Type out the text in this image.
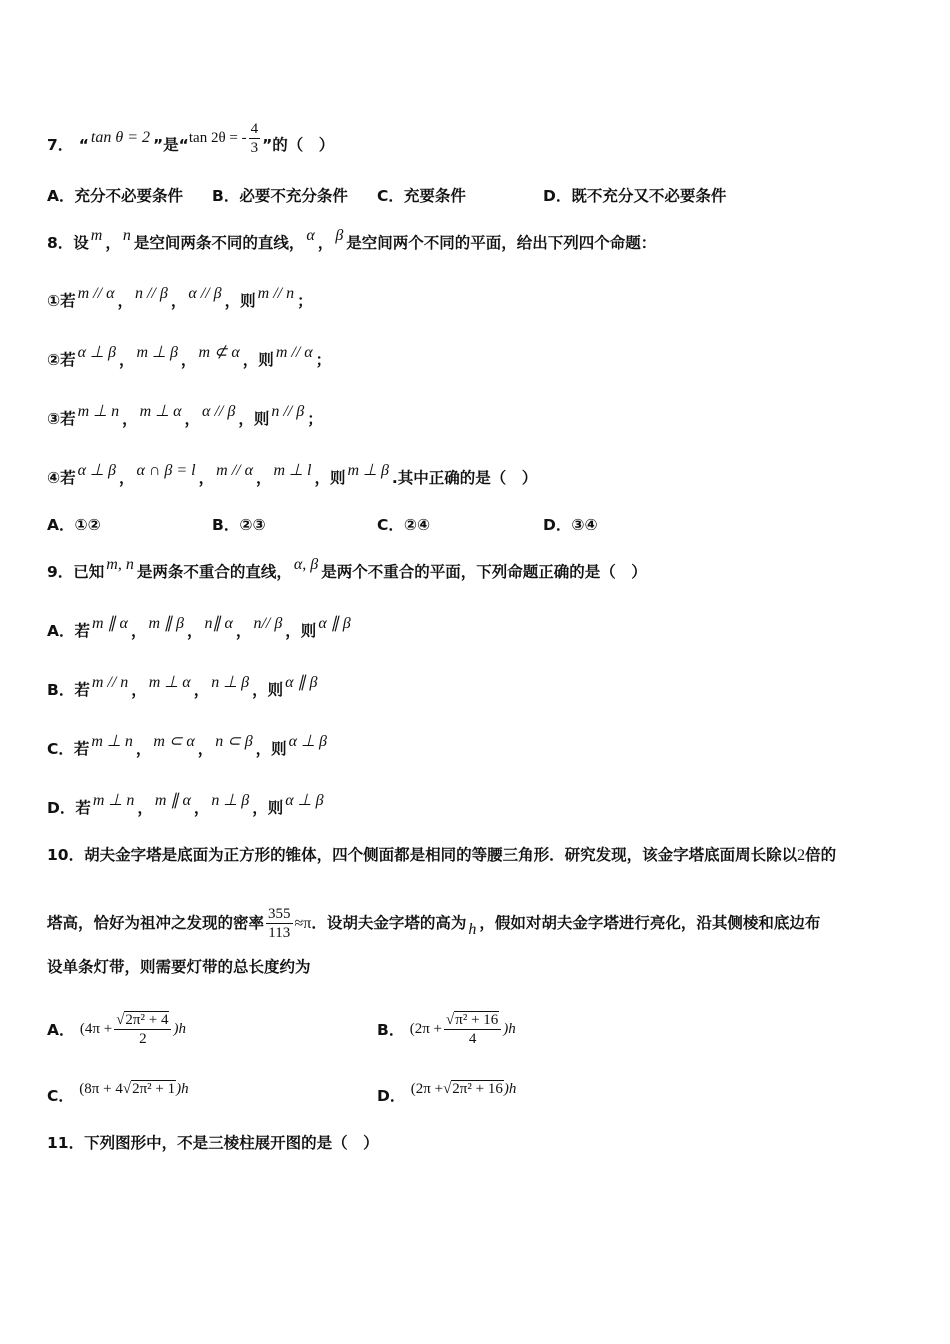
7． “ tan θ = 2 ”是“tan 2θ = - $\frac{4}{3}$ ”的（　）
A．充分不必要条件 B．必要不充分条件 C．充要条件	D．既不充分又不必要条件
8．设 m ， n 是空间两条不同的直线， α ， β 是空间两个不同的平面，给出下列四个命题：
①若 m // α ， n // β ， α // β ，则 m // n ；
②若 α ⊥ β ， m ⊥ β ， m ⊄ α ，则 m // α ；
③若 m ⊥ n ， m ⊥ α ， α // β ，则 n // β ；
④若 α ⊥ β ， α ∩ β = l ， m // α ， m ⊥ l ，则 m ⊥ β .其中正确的是（　）
A．①②	B．②③	C．②④	D．③④
9．已知 m, n 是两条不重合的直线， α, β 是两个不重合的平面，下列命题正确的是（　）
A．若 m ∥ α ， m ∥ β ， n∥ α ， n// β ，则 α ∥ β
B．若 m // n ， m ⊥ α ， n ⊥ β ，则 α ∥ β
C．若 m ⊥ n ， m ⊂ α ， n ⊂ β ，则 α ⊥ β
D．若 m ⊥ n ， m ∥ α ， n ⊥ β ，则 α ⊥ β
10．胡夫金字塔是底面为正方形的锥体，四个侧面都是相同的等腰三角形．研究发现，该金字塔底面周长除以2倍的
塔高，恰好为祖冲之发现的密率 $\frac{355}{113} \approx\pi$．设胡夫金字塔的高为 h ，假如对胡夫金字塔进行亮化，沿其侧棱和底边布
设单条灯带，则需要灯带的总长度约为
A． $(4\pi + \frac{\text{√2π² + 4}}{2} )h$	B． $(2\pi + \frac{\text{√π² + 16}}{4} )h$
C． (8π + 4√2π² + 1)h	D． (2π +√2π² + 16)h
11．下列图形中，不是三棱柱展开图的是（　）
